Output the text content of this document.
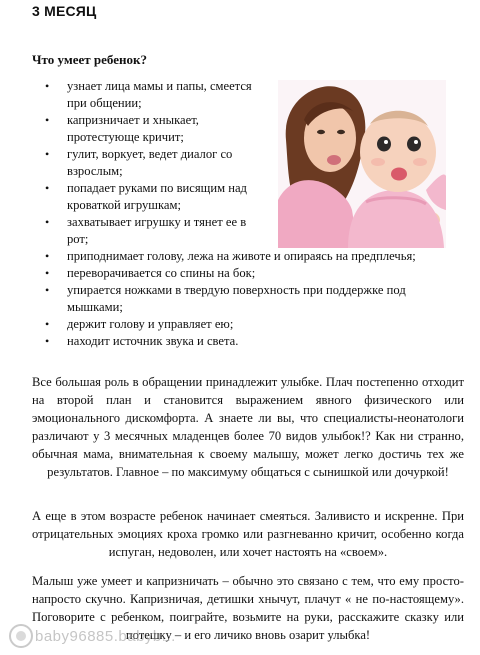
3 МЕСЯЦ
Что умеет ребенок?
• узнает лица мамы и папы, смеется
при общении;
• капризничает и хныкает,
протестующе кричит;
• гулит, воркует, ведет диалог со
взрослым;
• попадает руками по висящим над
кроваткой игрушкам;
• захватывает игрушку и тянет ее в
рот;
• приподнимает голову, лежа на животе и опираясь на предплечья;
• переворачивается со спины на бок;
• упирается ножками в твердую поверхность при поддержке под
мышками;
• держит голову и управляет ею;
• находит источник звука и света.

Все большая роль в обращении принадлежит улыбке. Плач постепенно отходит на второй план и становится выражением явного физического или эмоционального дискомфорта. А знаете ли вы, что специалисты-неонатологи различают у 3 месячных младенцев более 70 видов улыбок!? Как ни странно, обычная мама, внимательная к своему малышу, может легко достичь тех же результатов. Главное – по максимуму общаться с сынишкой или дочуркой!

А еще в этом возрасте ребенок начинает смеяться. Заливисто и искренне. При отрицательных эмоциях кроха громко или разгневанно кричит, особенно когда испуган, недоволен, или хочет настоять на «своем».

Малыш уже умеет и капризничать – обычно это связано с тем, что ему просто-напросто скучно. Капризничая, детишки хнычут, плачут « не по-настоящему». Поговорите с ребенком, поиграйте, возьмите на руки, расскажите сказку или потешку – и его личико вновь озарит улыбка!

baby96885.babyb...
